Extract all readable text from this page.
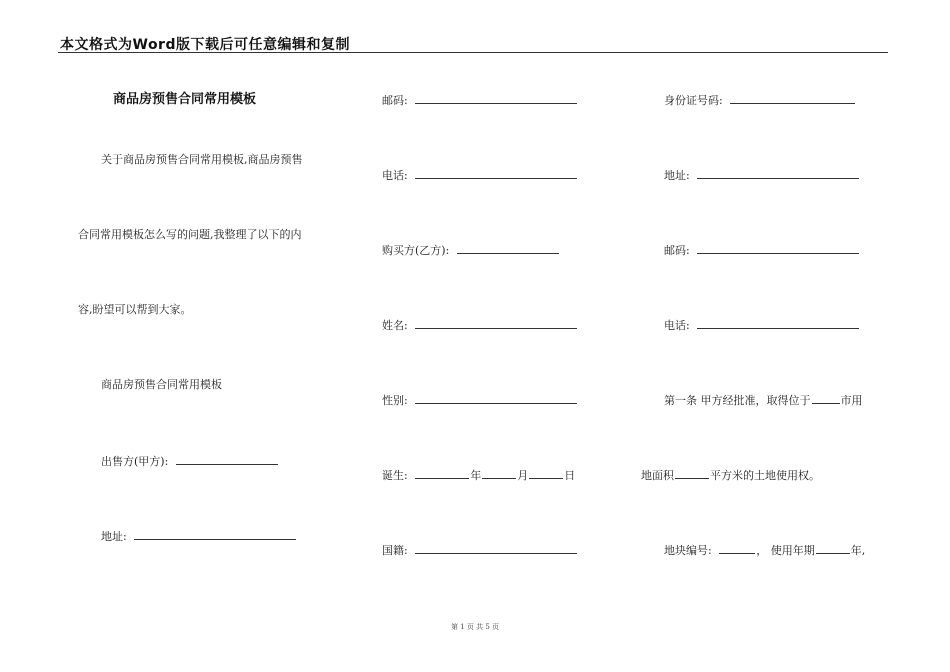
本文格式为Word版下载后可任意编辑和复制
商品房预售合同常用模板
关于商品房预售合同常用模板,商品房预售
合同常用模板怎么写的问题,我整理了以下的内
容,盼望可以帮到大家。
商品房预售合同常用模板
出售方(甲方):
地址:
邮码:
电话:
购买方(乙方):
姓名:
性别:
诞生:	年	月	日
国籍:
身份证号码:
地址:
邮码:
电话:
第一条 甲方经批准，取得位于	市用
地面积	平方米的土地使用权。
地块编号:	， 使用年期	年,
第 1 页 共 5 页
